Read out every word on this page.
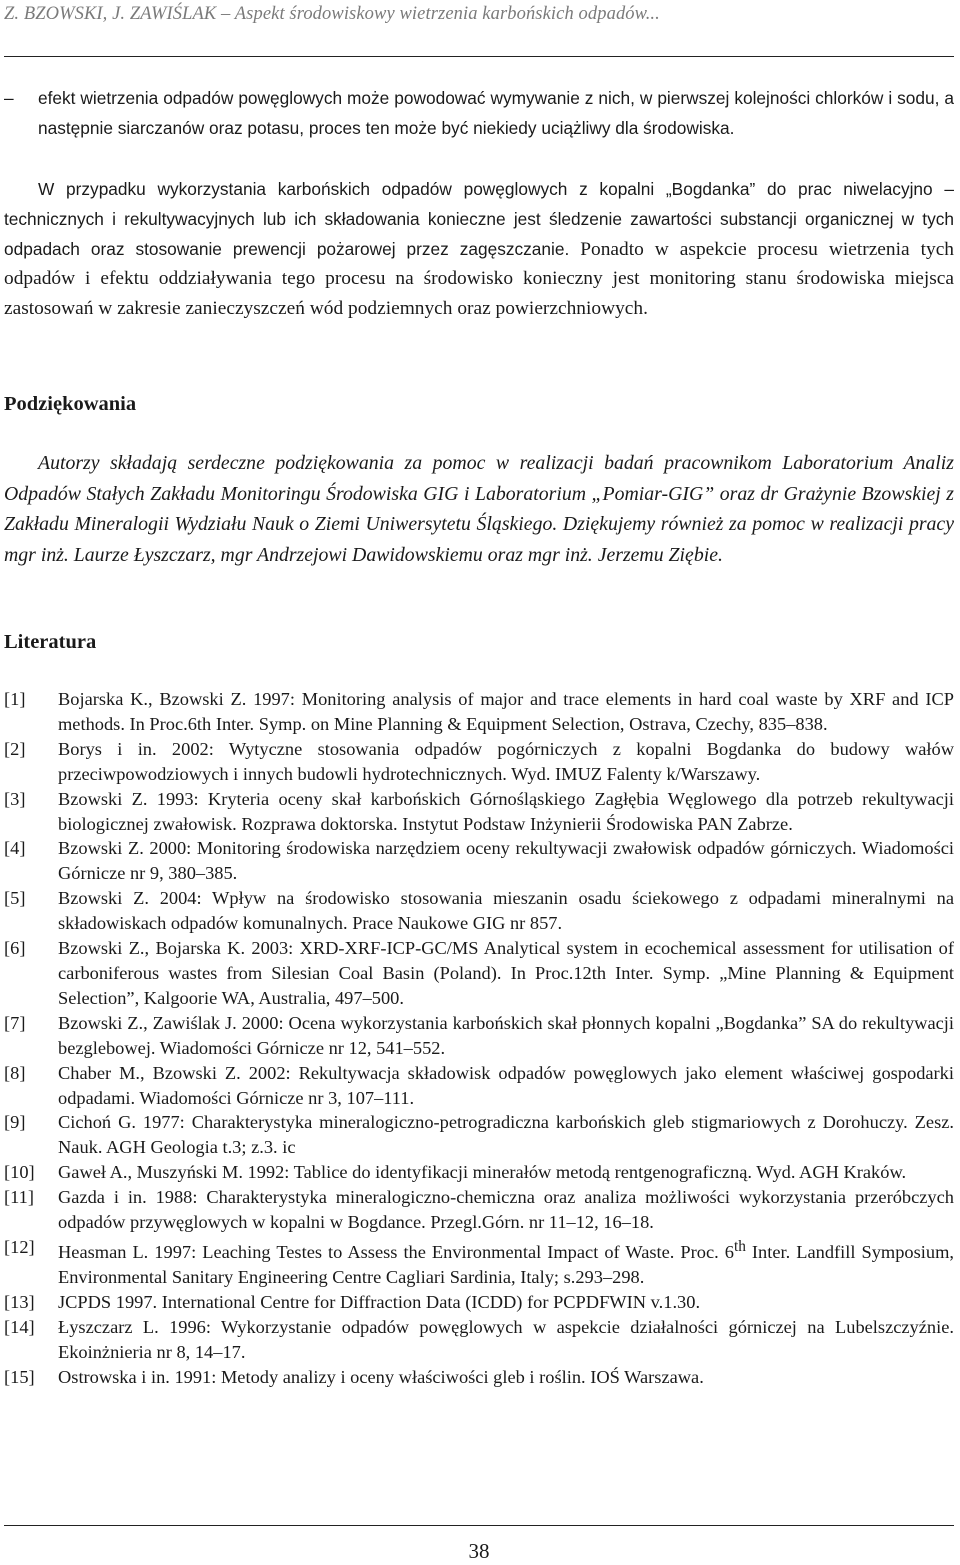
Z. BZOWSKI, J. ZAWIŚLAK – Aspekt środowiskowy wietrzenia karbońskich odpadów...
– efekt wietrzenia odpadów powęglowych może powodować wymywanie z nich, w pierwszej kolejności chlorków i sodu, a następnie siarczanów oraz potasu, proces ten może być niekiedy uciążliwy dla środowiska.
W przypadku wykorzystania karbońskich odpadów powęglowych z kopalni „Bogdanka” do prac niwelacyjno – technicznych i rekultywacyjnych lub ich składowania konieczne jest śledzenie zawartości substancji organicznej w tych odpadach oraz stosowanie prewencji pożarowej przez zagęszczanie. Ponadto w aspekcie procesu wietrzenia tych odpadów i efektu oddziaływania tego procesu na środowisko konieczny jest monitoring stanu środowiska miejsca zastosowań w zakresie zanieczyszczeń wód podziemnych oraz powierzchniowych.
Podziękowania
Autorzy składają serdeczne podziękowania za pomoc w realizacji badań pracownikom Laboratorium Analiz Odpadów Stałych Zakładu Monitoringu Środowiska GIG i Laboratorium „Pomiar-GIG” oraz dr Grażynie Bzowskiej z Zakładu Mineralogii Wydziału Nauk o Ziemi Uniwersytetu Śląskiego. Dziękujemy również za pomoc w realizacji pracy mgr inż. Laurze Łyszczarz, mgr Andrzejowi Dawidowskiemu oraz mgr inż. Jerzemu Ziębie.
Literatura
[1] Bojarska K., Bzowski Z. 1997: Monitoring analysis of major and trace elements in hard coal waste by XRF and ICP methods. In Proc.6th Inter. Symp. on Mine Planning & Equipment Selection, Ostrava, Czechy, 835–838.
[2] Borys i in. 2002: Wytyczne stosowania odpadów pogórniczych z kopalni Bogdanka do budowy wałów przeciwpowodziowych i innych budowli hydrotechnicznych. Wyd. IMUZ Falenty k/Warszawy.
[3] Bzowski Z. 1993: Kryteria oceny skał karbońskich Górnośląskiego Zagłębia Węglowego dla potrzeb rekultywacji biologicznej zwałowisk. Rozprawa doktorska. Instytut Podstaw Inżynierii Środowiska PAN Zabrze.
[4] Bzowski Z. 2000: Monitoring środowiska narzędziem oceny rekultywacji zwałowisk odpadów górniczych. Wiadomości Górnicze nr 9, 380–385.
[5] Bzowski Z. 2004: Wpływ na środowisko stosowania mieszanin osadu ściekowego z odpadami mineralnymi na składowiskach odpadów komunalnych. Prace Naukowe GIG nr 857.
[6] Bzowski Z., Bojarska K. 2003: XRD-XRF-ICP-GC/MS Analytical system in ecochemical assessment for utilisation of carboniferous wastes from Silesian Coal Basin (Poland). In Proc.12th Inter. Symp. „Mine Planning & Equipment Selection”, Kalgoorie WA, Australia, 497–500.
[7] Bzowski Z., Zawiślak J. 2000: Ocena wykorzystania karbońskich skał płonnych kopalni „Bogdanka” SA do rekultywacji bezglebowej. Wiadomości Górnicze nr 12, 541–552.
[8] Chaber M., Bzowski Z. 2002: Rekultywacja składowisk odpadów powęglowych jako element właściwej gospodarki odpadami. Wiadomości Górnicze nr 3, 107–111.
[9] Cichoń G. 1977: Charakterystyka mineralogiczno-petrogradiczna karbońskich gleb stigmariowych z Dorohuczy. Zesz. Nauk. AGH Geologia t.3; z.3. ic
[10] Gaweł A., Muszyński M. 1992: Tablice do identyfikacji minerałów metodą rentgenograficzną. Wyd. AGH Kraków.
[11] Gazda i in. 1988: Charakterystyka mineralogiczno-chemiczna oraz analiza możliwości wykorzystania przeróbczych odpadów przywęglowych w kopalni w Bogdance. Przegl.Górn. nr 11–12, 16–18.
[12] Heasman L. 1997: Leaching Testes to Assess the Environmental Impact of Waste. Proc. 6th Inter. Landfill Symposium, Environmental Sanitary Engineering Centre Cagliari Sardinia, Italy; s.293–298.
[13] JCPDS 1997. International Centre for Diffraction Data (ICDD) for PCPDFWIN v.1.30.
[14] Łyszczarz L. 1996: Wykorzystanie odpadów powęglowych w aspekcie działalności górniczej na Lubelszczyźnie. Ekoinżnieria nr 8, 14–17.
[15] Ostrowska i in. 1991: Metody analizy i oceny właściwości gleb i roślin. IOŚ Warszawa.
38
